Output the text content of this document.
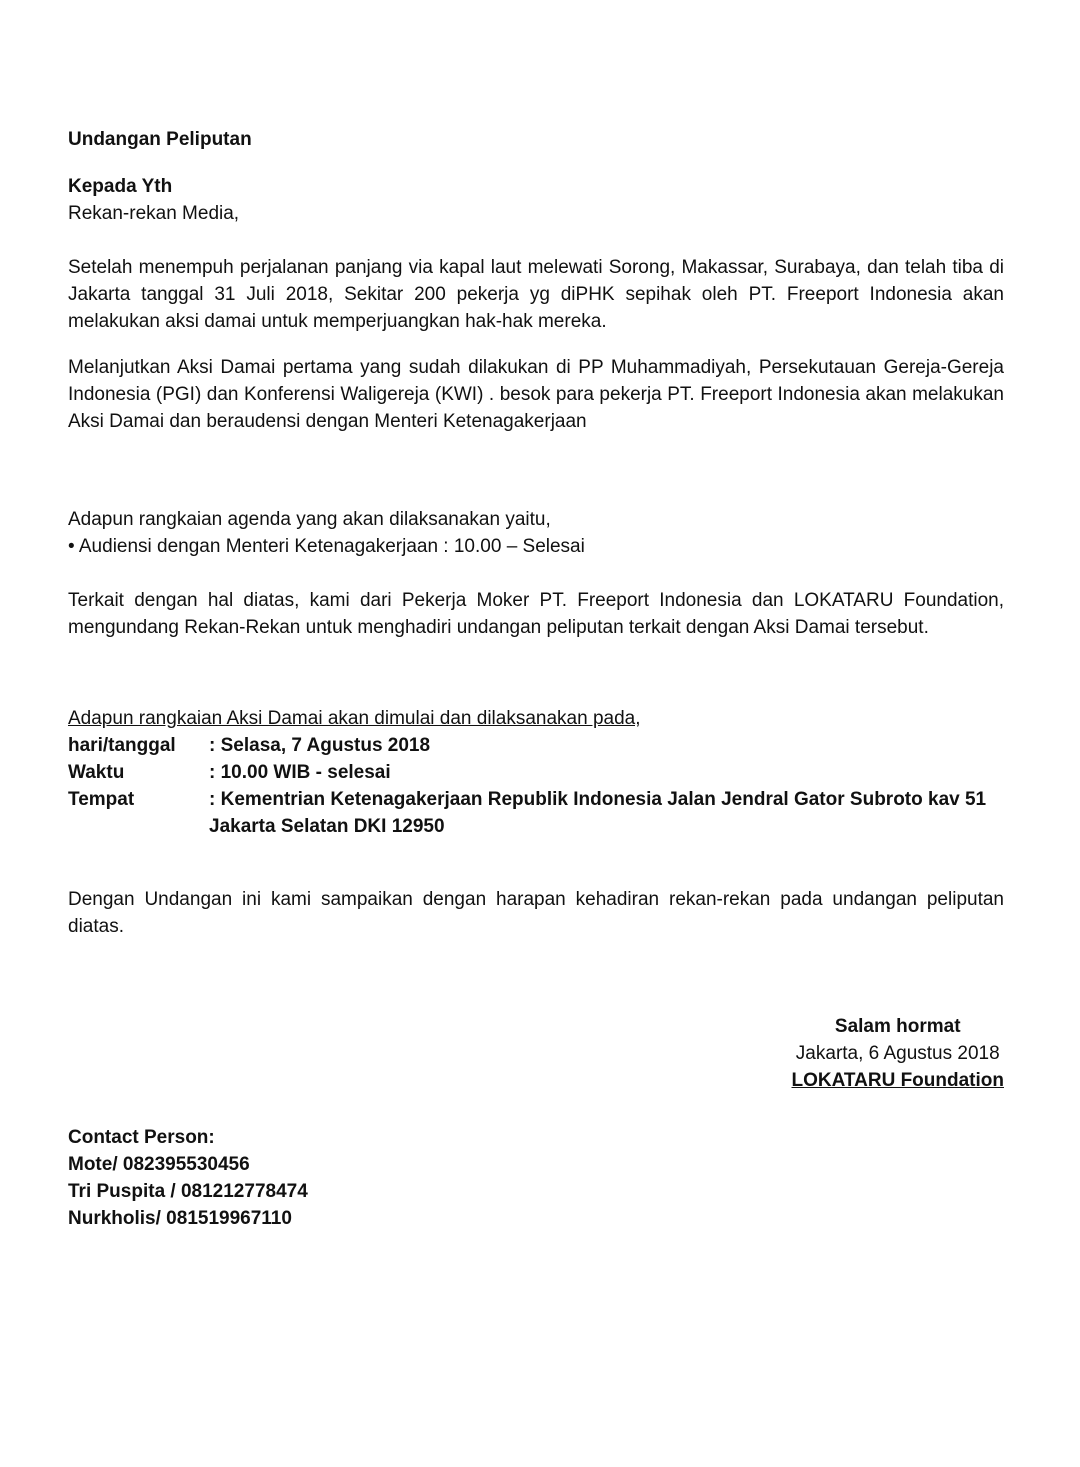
Undangan Peliputan
Kepada Yth
Rekan-rekan Media,

Setelah menempuh perjalanan panjang via kapal laut melewati Sorong, Makassar, Surabaya, dan telah tiba di Jakarta tanggal 31 Juli 2018, Sekitar 200 pekerja yg diPHK sepihak oleh PT. Freeport Indonesia akan melakukan aksi damai untuk memperjuangkan hak-hak mereka.

Melanjutkan Aksi Damai pertama yang sudah dilakukan di PP Muhammadiyah, Persekutauan Gereja-Gereja Indonesia (PGI) dan Konferensi Waligereja (KWI) . besok para pekerja PT. Freeport Indonesia akan melakukan Aksi Damai dan beraudensi dengan Menteri Ketenagakerjaan

Adapun rangkaian agenda yang akan dilaksanakan yaitu,
• Audiensi dengan Menteri Ketenagakerjaan : 10.00 – Selesai

Terkait dengan hal diatas, kami dari Pekerja Moker PT. Freeport Indonesia dan LOKATARU Foundation, mengundang Rekan-Rekan untuk menghadiri undangan peliputan terkait dengan Aksi Damai tersebut.

Adapun rangkaian Aksi Damai akan dimulai dan dilaksanakan pada,
hari/tanggal	: Selasa, 7 Agustus 2018
Waktu	: 10.00 WIB - selesai
Tempat	: Kementrian Ketenagakerjaan Republik Indonesia Jalan Jendral Gator Subroto kav 51 Jakarta Selatan DKI 12950

Dengan Undangan ini kami sampaikan dengan harapan kehadiran rekan-rekan pada undangan peliputan diatas.

Salam hormat
Jakarta, 6 Agustus 2018
LOKATARU Foundation
Contact Person:
Mote/ 082395530456
Tri Puspita / 081212778474
Nurkholis/ 081519967110
